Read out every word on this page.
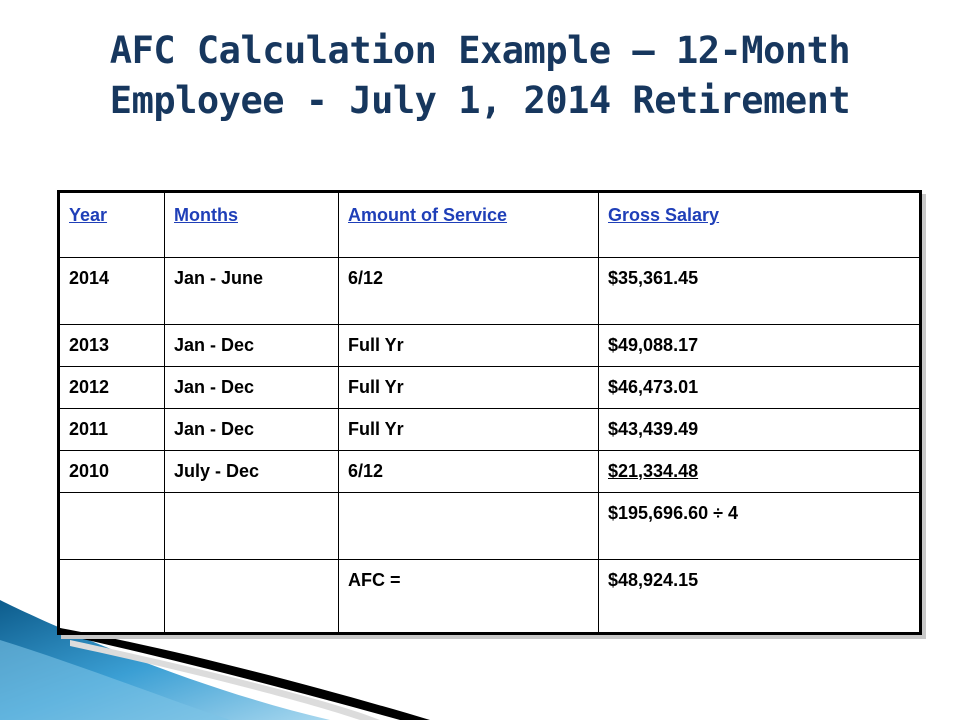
AFC Calculation Example – 12-Month
Employee - July 1, 2014 Retirement
Year	Months	Amount of Service	Gross Salary
2014	Jan - June	6/12	$35,361.45
2013	Jan - Dec	Full Yr	$49,088.17
2012	Jan - Dec	Full Yr	$46,473.01
2011	Jan - Dec	Full Yr	$43,439.49
2010	July - Dec	6/12	$21,334.48
			$195,696.60 ÷ 4
		AFC =	$48,924.15
